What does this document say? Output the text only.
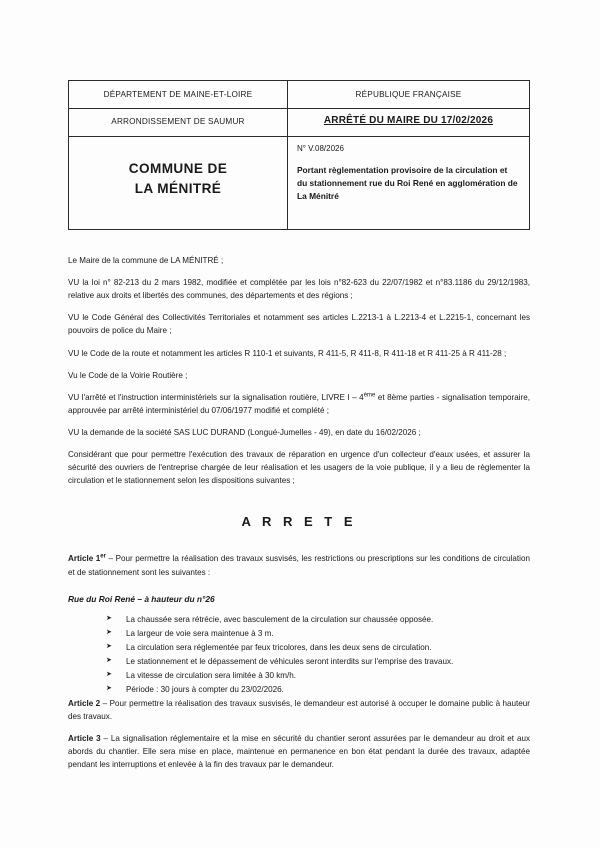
DÉPARTEMENT DE MAINE-ET-LOIRE	RÉPUBLIQUE FRANÇAISE

ARRONDISSEMENT DE SAUMUR	ARRÊTÉ DU MAIRE DU 17/02/2026

COMMUNE DE
LA MÉNITRÉ

N° V.08/2026
Portant règlementation provisoire de la circulation et du stationnement rue du Roi René en agglomération de La Ménitré

Le Maire de la commune de LA MÉNITRÉ ;

VU la loi n° 82-213 du 2 mars 1982, modifiée et complétée par les lois n°82-623 du 22/07/1982 et n°83.1186 du 29/12/1983, relative aux droits et libertés des communes, des départements et des régions ;

VU le Code Général des Collectivités Territoriales et notamment ses articles L.2213-1 à L.2213-4 et L.2215-1, concernant les pouvoirs de police du Maire ;

VU le Code de la route et notamment les articles R 110-1 et suivants, R 411-5, R 411-8, R 411-18 et R 411-25 à R 411-28 ;

Vu le Code de la Voirie Routière ;

VU l'arrêté et l'instruction interministériels sur la signalisation routière, LIVRE I – 4ème et 8ème parties - signalisation temporaire, approuvée par arrêté interministériel du 07/06/1977 modifié et complété ;

VU la demande de la société SAS LUC DURAND (Longué-Jumelles - 49), en date du 16/02/2026 ;

Considérant que pour permettre l'exécution des travaux de réparation en urgence d'un collecteur d'eaux usées, et assurer la sécurité des ouvriers de l'entreprise chargée de leur réalisation et les usagers de la voie publique, il y a lieu de règlementer la circulation et le stationnement selon les dispositions suivantes ;

A R R E T E

Article 1er – Pour permettre la réalisation des travaux susvisés, les restrictions ou prescriptions sur les conditions de circulation et de stationnement sont les suivantes :

Rue du Roi René – à hauteur du n°26
➤ La chaussée sera rétrécie, avec basculement de la circulation sur chaussée opposée.
➤ La largeur de voie sera maintenue à 3 m.
➤ La circulation sera réglementée par feux tricolores, dans les deux sens de circulation.
➤ Le stationnement et le dépassement de véhicules seront interdits sur l'emprise des travaux.
➤ La vitesse de circulation sera limitée à 30 km/h.
➤ Période : 30 jours à compter du 23/02/2026.

Article 2 – Pour permettre la réalisation des travaux susvisés, le demandeur est autorisé à occuper le domaine public à hauteur des travaux.

Article 3 – La signalisation réglementaire et la mise en sécurité du chantier seront assurées par le demandeur au droit et aux abords du chantier. Elle sera mise en place, maintenue en permanence en bon état pendant la durée des travaux, adaptée pendant les interruptions et enlevée à la fin des travaux par le demandeur.
